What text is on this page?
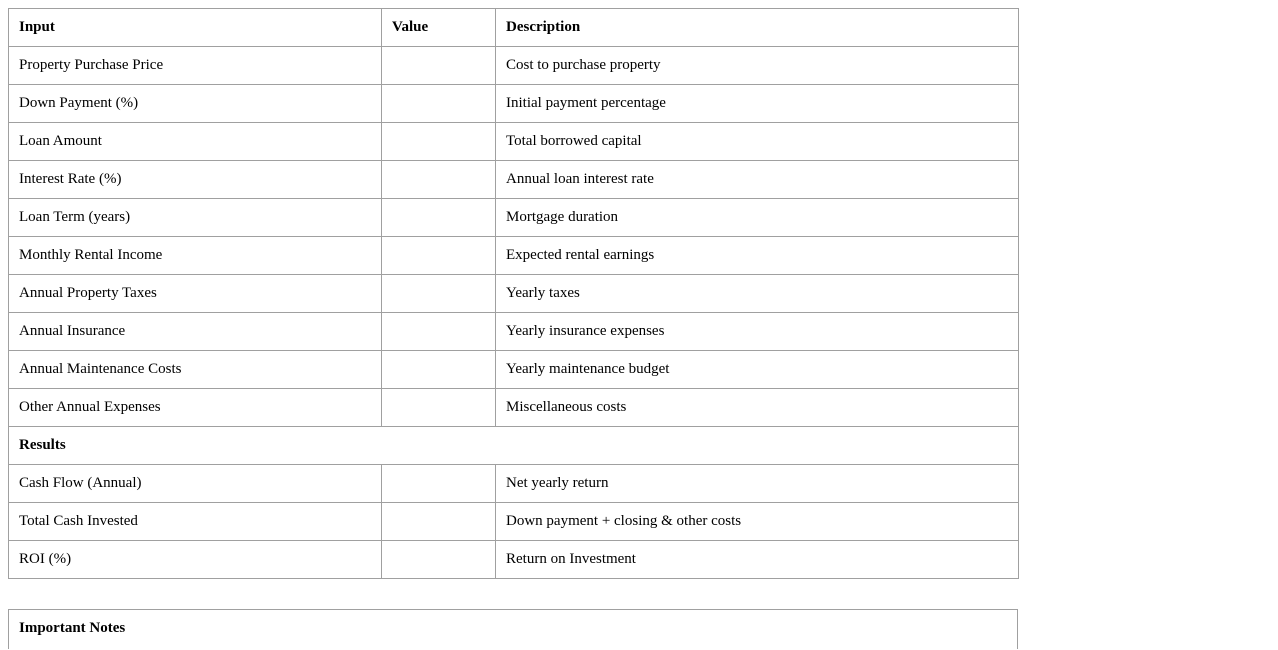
Input	Value	Description
Property Purchase Price		Cost to purchase property
Down Payment (%)		Initial payment percentage
Loan Amount		Total borrowed capital
Interest Rate (%)		Annual loan interest rate
Loan Term (years)		Mortgage duration
Monthly Rental Income		Expected rental earnings
Annual Property Taxes		Yearly taxes
Annual Insurance		Yearly insurance expenses
Annual Maintenance Costs		Yearly maintenance budget
Other Annual Expenses		Miscellaneous costs
Results		
Cash Flow (Annual)		Net yearly return
Total Cash Invested		Down payment + closing & other costs
ROI (%)		Return on Investment
Important Notes
